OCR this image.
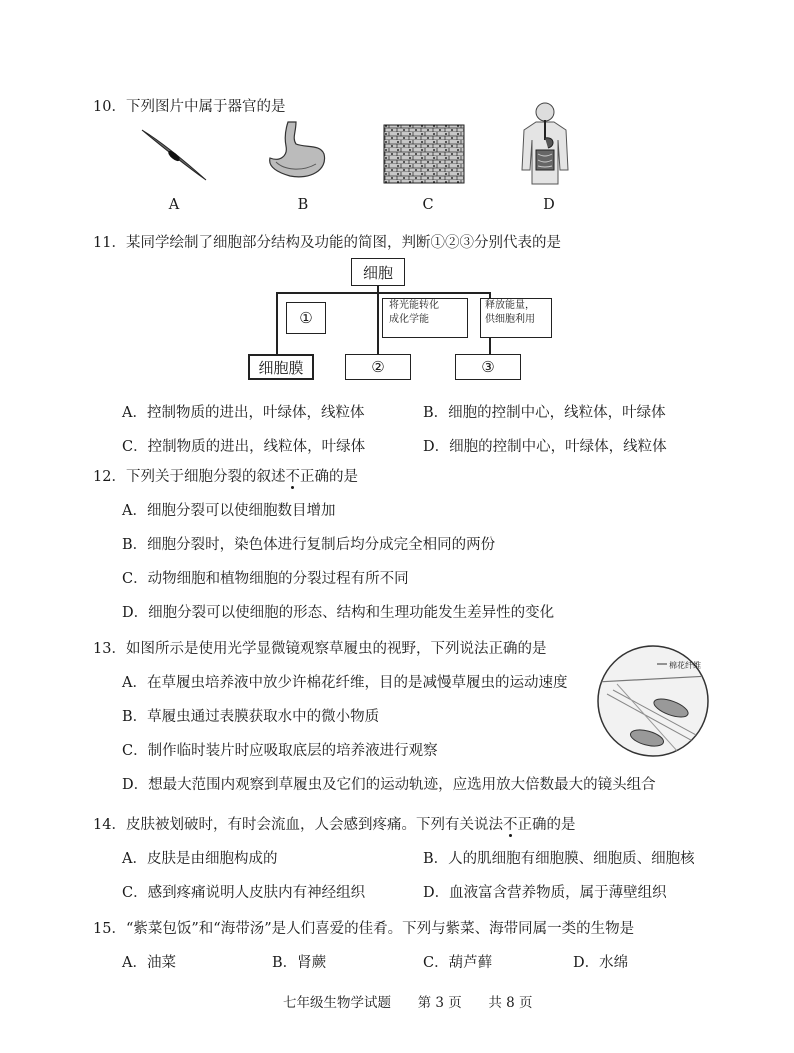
10．下列图片中属于器官的是
A	B	C	D
11．某同学绘制了细胞部分结构及功能的简图，判断①②③分别代表的是
细胞
①
将光能转化
成化学能
释放能量，
供细胞利用
细胞膜	②	③
A．控制物质的进出，叶绿体，线粒体	B．细胞的控制中心，线粒体，叶绿体
C．控制物质的进出，线粒体，叶绿体	D．细胞的控制中心，叶绿体，线粒体
12．下列关于细胞分裂的叙述不正确的是
A．细胞分裂可以使细胞数目增加
B．细胞分裂时，染色体进行复制后均分成完全相同的两份
C．动物细胞和植物细胞的分裂过程有所不同
D．细胞分裂可以使细胞的形态、结构和生理功能发生差异性的变化
13．如图所示是使用光学显微镜观察草履虫的视野，下列说法正确的是
A．在草履虫培养液中放少许棉花纤维，目的是减慢草履虫的运动速度
B．草履虫通过表膜获取水中的微小物质
C．制作临时装片时应吸取底层的培养液进行观察
D．想最大范围内观察到草履虫及它们的运动轨迹，应选用放大倍数最大的镜头组合
棉花纤维
14．皮肤被划破时，有时会流血，人会感到疼痛。下列有关说法不正确的是
A．皮肤是由细胞构成的	B．人的肌细胞有细胞膜、细胞质、细胞核
C．感到疼痛说明人皮肤内有神经组织	D．血液富含营养物质，属于薄壁组织
15．“紫菜包饭”和“海带汤”是人们喜爱的佳肴。下列与紫菜、海带同属一类的生物是
A．油菜	B．肾蕨	C．葫芦藓	D．水绵
七年级生物学试题 第 3 页 共 8 页
